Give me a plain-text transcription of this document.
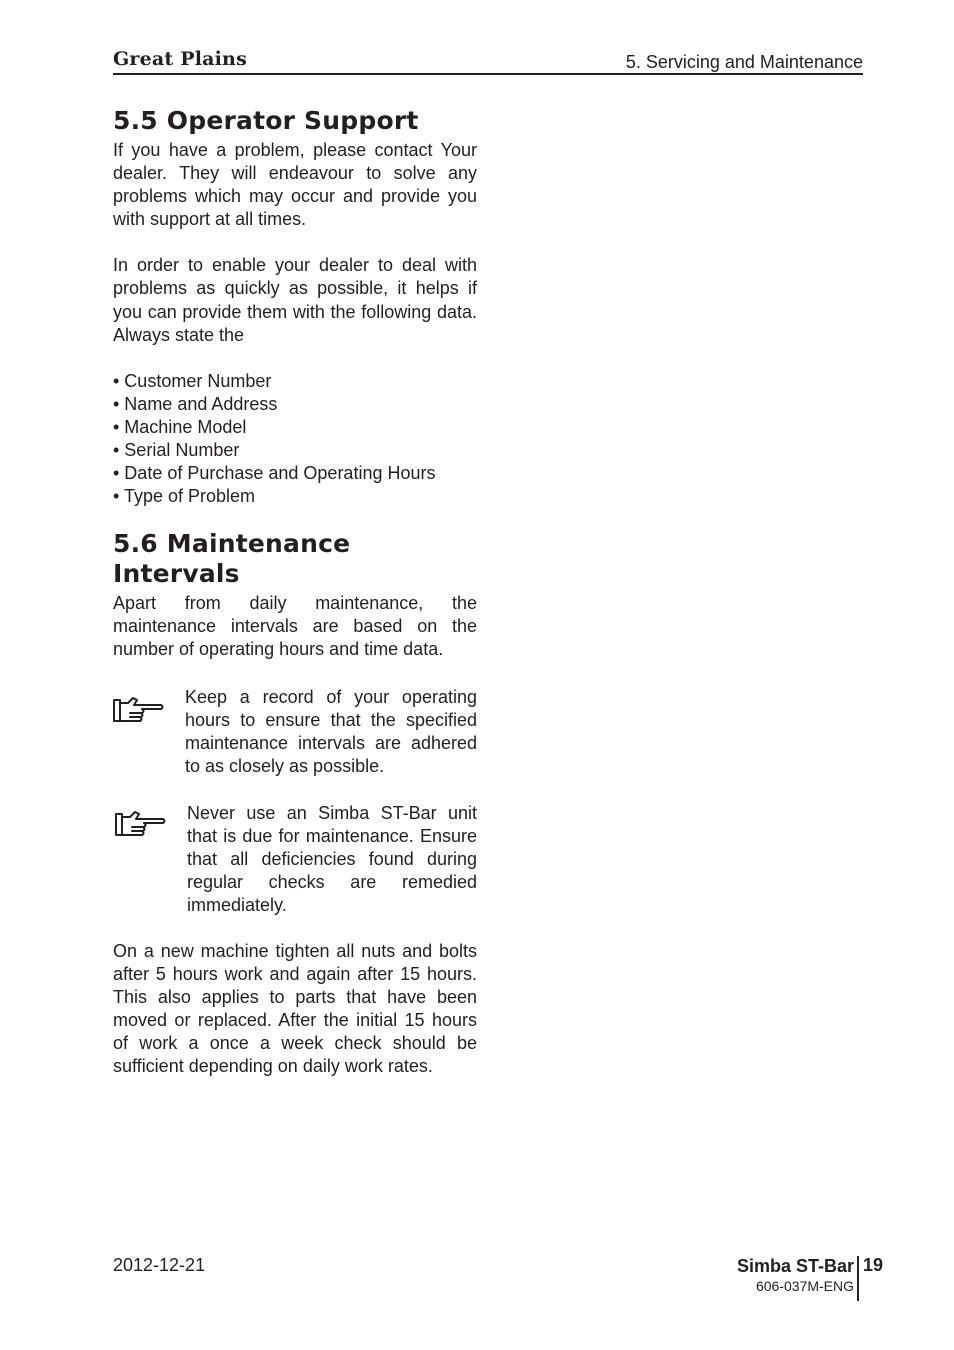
Great Plains	5. Servicing and Maintenance
5.5 Operator Support

If you have a problem, please contact Your dealer. They will endeavour to solve any problems which may occur and provide you with support at all times.

In order to enable your dealer to deal with problems as quickly as possible, it helps if you can provide them with the following data. Always state the

• Customer Number
• Name and Address
• Machine Model
• Serial Number
• Date of Purchase and Operating Hours
• Type of Problem
5.6 Maintenance
Intervals

Apart from daily maintenance, the maintenance intervals are based on the number of operating hours and time data.

Keep a record of your operating hours to ensure that the specified maintenance intervals are adhered to as closely as possible.

Never use an Simba ST-Bar unit that is due for maintenance. Ensure that all deficiencies found during regular checks are remedied immediately.

On a new machine tighten all nuts and bolts after 5 hours work and again after 15 hours. This also applies to parts that have been moved or replaced. After the initial 15 hours of work a once a week check should be sufficient depending on daily work rates.

2012-12-21	Simba ST-Bar
606-037M-ENG
19
